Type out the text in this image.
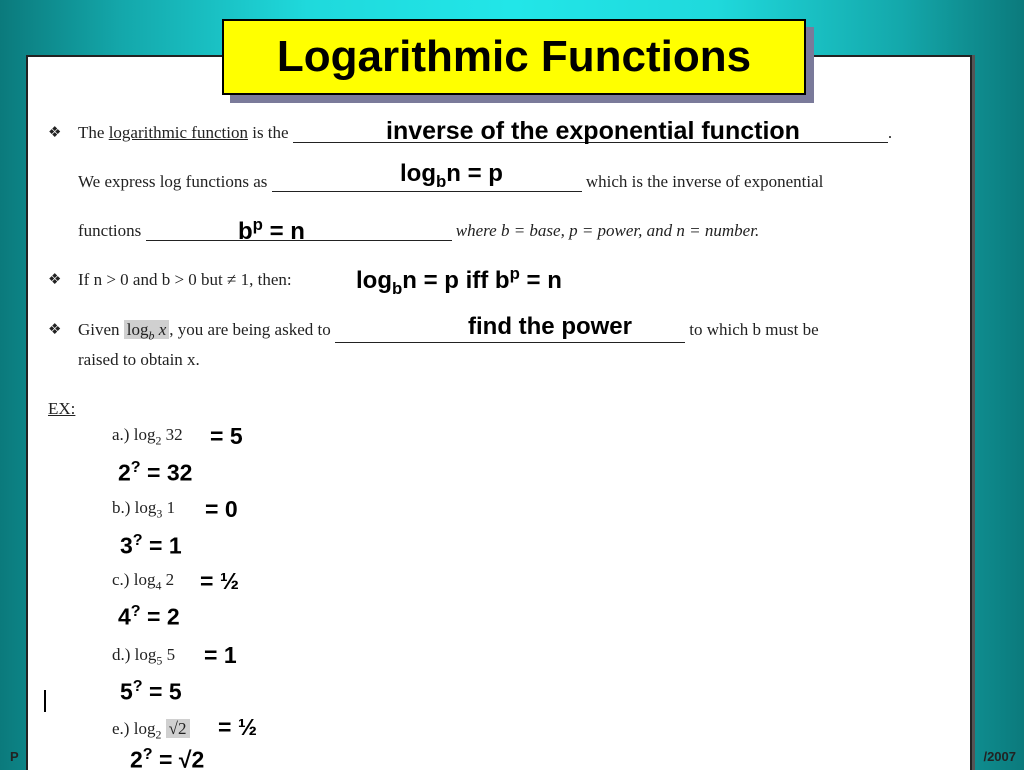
P	/2007
❖ The logarithmic function is the	.
inverse of the exponential function
We express log functions as	which is the inverse of exponential
$\log_bn = p$
functions	where b = base, p = power, and n = number.
$b^p = n$
❖ If n > 0 and b > 0 but ≠ 1, then:	$\log_bn = p$ iff $b^p = n$
❖ Given $\log_b x$ , you are being asked to	to which b must be
find the power
raised to obtain x.
EX:
a.) $\log_2 32 = 5$
2? = 32
b.) $\log_3 1 = 0$
3? = 1
c.) $\log_4 2$ = ½
4? = 2
d.) $\log_5 5 = 1$
5? = 5
e.) $\log_2 √2$ = ½
2? = √2
Logarithmic Functions
